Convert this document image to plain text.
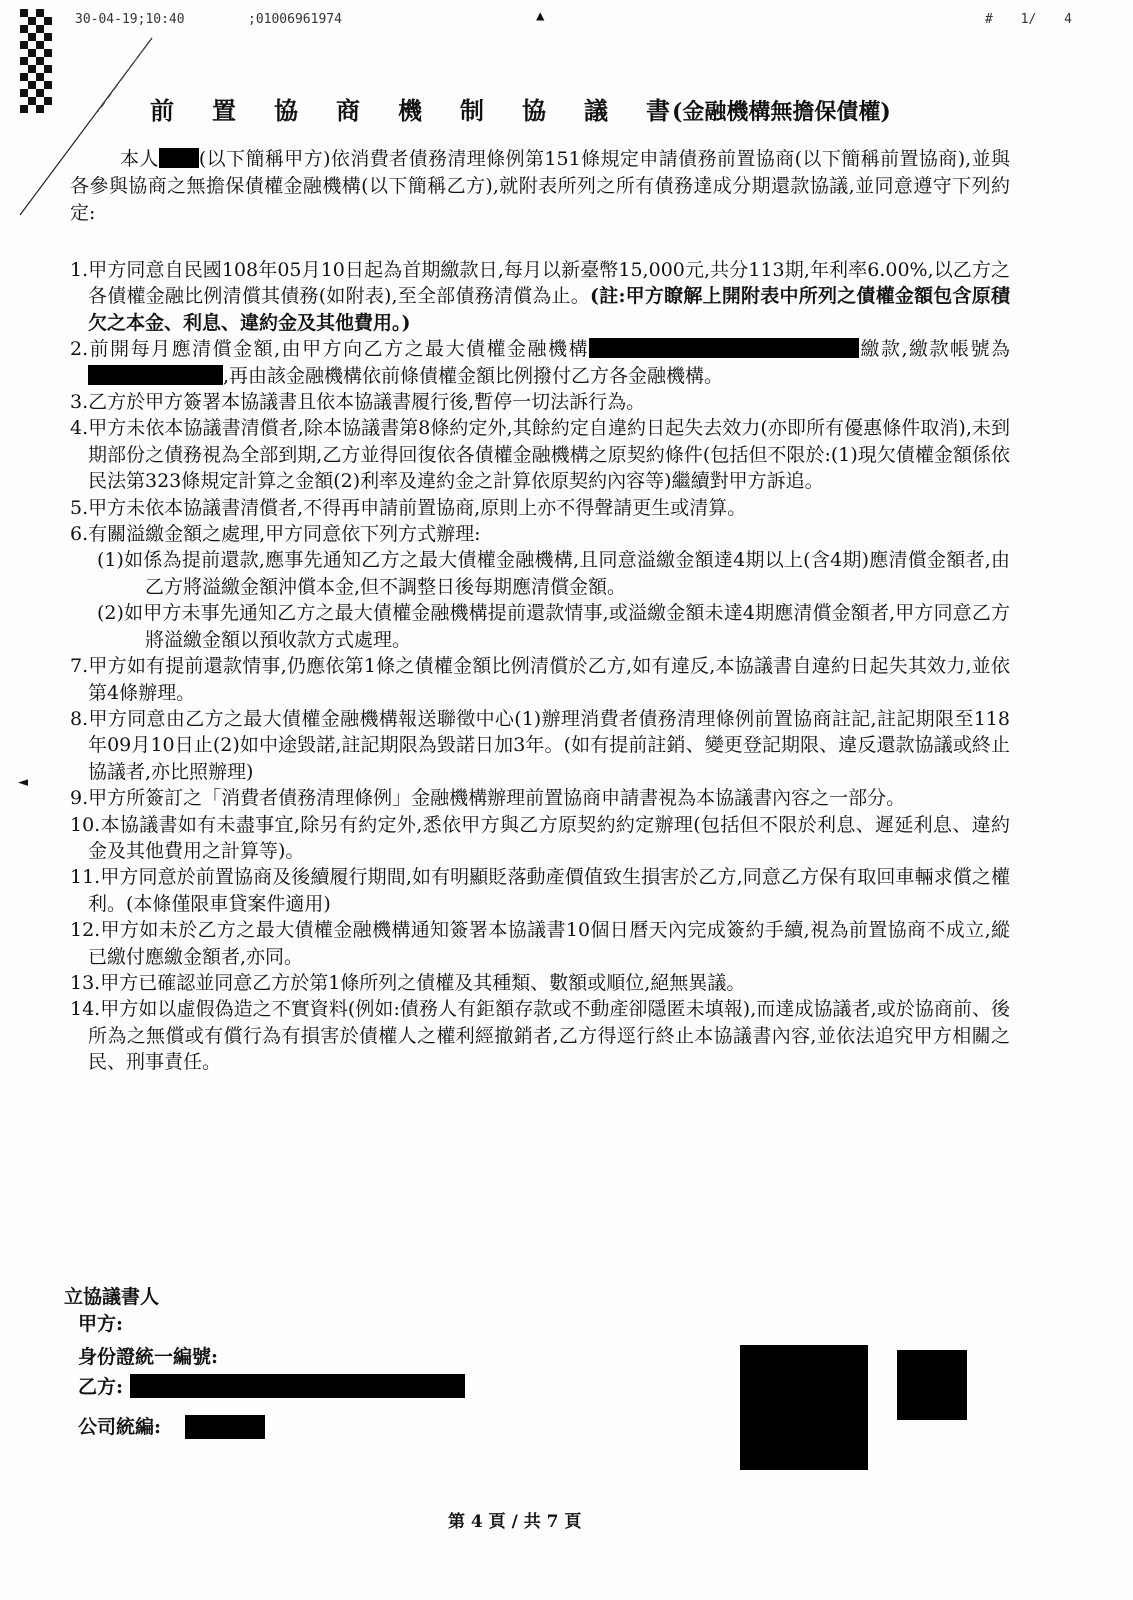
30-04-19;10:40	;01006961974	▲	# 1/ 4
前置協商機制協議書(金融機構無擔保債權)

本人 (以下簡稱甲方)依消費者債務清理條例第151條規定申請債務前置協商(以下簡稱前置協商),並與各參與協商之無擔保債權金融機構(以下簡稱乙方),就附表所列之所有債務達成分期還款協議,並同意遵守下列約定:

1.甲方同意自民國108年05月10日起為首期繳款日,每月以新臺幣15,000元,共分113期,年利率6.00%,以乙方之各債權金融比例清償其債務(如附表),至全部債務清償為止。(註:甲方瞭解上開附表中所列之債權金額包含原積欠之本金、利息、違約金及其他費用。)

2.前開每月應清償金額,由甲方向乙方之最大債權金融機構	繳款,繳款帳號為,再由該金融機構依前條債權金額比例撥付乙方各金融機構。

3.乙方於甲方簽署本協議書且依本協議書履行後,暫停一切法訴行為。

4.甲方未依本協議書清償者,除本協議書第8條約定外,其餘約定自違約日起失去效力(亦即所有優惠條件取消),未到期部份之債務視為全部到期,乙方並得回復依各債權金融機構之原契約條件(包括但不限於:(1)現欠債權金額係依民法第323條規定計算之金額(2)利率及違約金之計算依原契約內容等)繼續對甲方訴追。

5.甲方未依本協議書清償者,不得再申請前置協商,原則上亦不得聲請更生或清算。

6.有關溢繳金額之處理,甲方同意依下列方式辦理:

(1)如係為提前還款,應事先通知乙方之最大債權金融機構,且同意溢繳金額達4期以上(含4期)應清償金額者,由乙方將溢繳金額沖償本金,但不調整日後每期應清償金額。

(2)如甲方未事先通知乙方之最大債權金融機構提前還款情事,或溢繳金額未達4期應清償金額者,甲方同意乙方將溢繳金額以預收款方式處理。

7.甲方如有提前還款情事,仍應依第1條之債權金額比例清償於乙方,如有違反,本協議書自違約日起失其效力,並依第4條辦理。

8.甲方同意由乙方之最大債權金融機構報送聯徵中心(1)辦理消費者債務清理條例前置協商註記,註記期限至118年09月10日止(2)如中途毀諾,註記期限為毀諾日加3年。(如有提前註銷、變更登記期限、違反還款協議或終止協議者,亦比照辦理)

9.甲方所簽訂之「消費者債務清理條例」金融機構辦理前置協商申請書視為本協議書內容之一部分。

10.本協議書如有未盡事宜,除另有約定外,悉依甲方與乙方原契約約定辦理(包括但不限於利息、遲延利息、違約金及其他費用之計算等)。

11.甲方同意於前置協商及後續履行期間,如有明顯貶落動產價值致生損害於乙方,同意乙方保有取回車輛求償之權利。(本條僅限車貸案件適用)

12.甲方如未於乙方之最大債權金融機構通知簽署本協議書10個日曆天內完成簽約手續,視為前置協商不成立,縱已繳付應繳金額者,亦同。

13.甲方已確認並同意乙方於第1條所列之債權及其種類、數額或順位,絕無異議。

14.甲方如以虛假偽造之不實資料(例如:債務人有鉅額存款或不動產卻隱匿未填報),而達成協議者,或於協商前、後所為之無償或有償行為有損害於債權人之權利經撤銷者,乙方得逕行終止本協議書內容,並依法追究甲方相關之民、刑事責任。

◄
立協議書人
甲方:
身份證統一編號:
乙方:
公司統編:
第 4 頁 / 共 7 頁
